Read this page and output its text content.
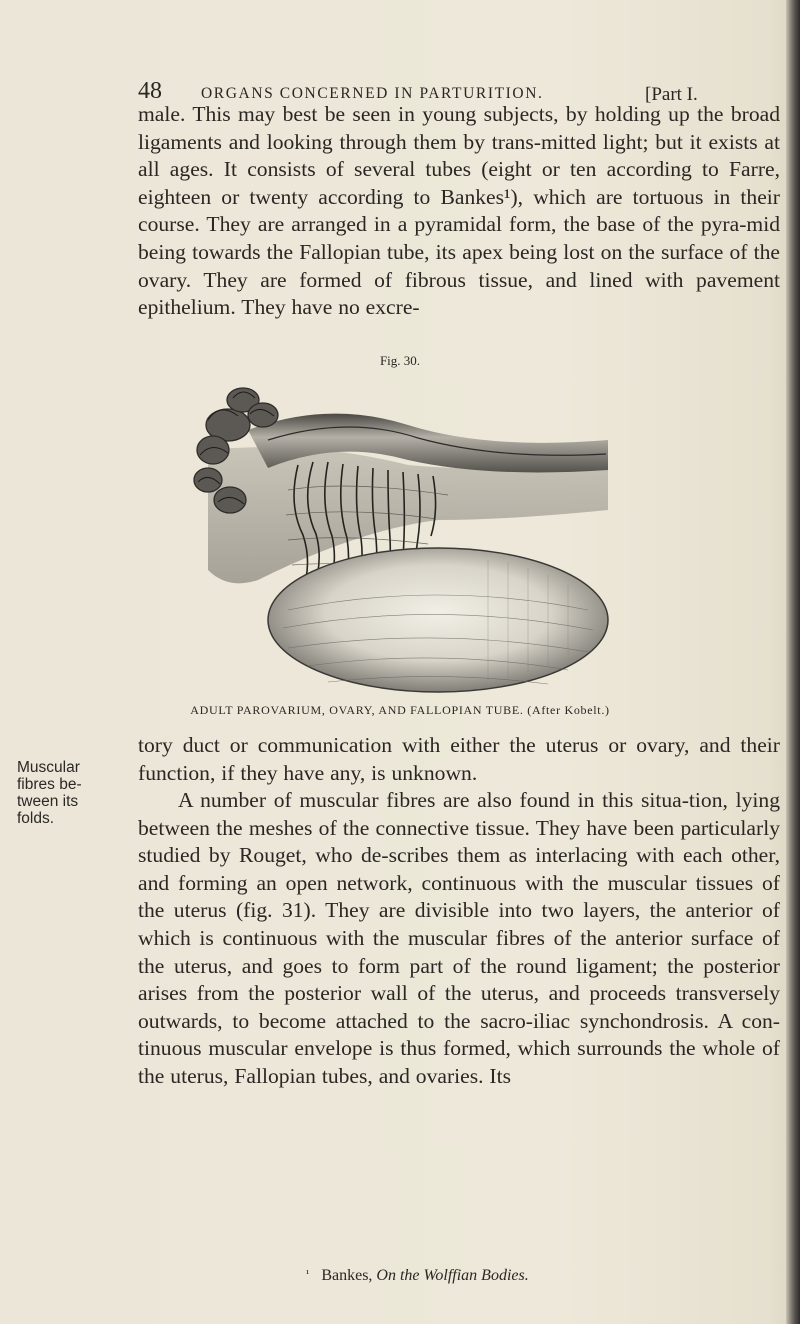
48	ORGANS CONCERNED IN PARTURITION.	[Part I.

male. This may best be seen in young subjects, by holding up the broad ligaments and looking through them by trans-mitted light; but it exists at all ages. It consists of several tubes (eight or ten according to Farre, eighteen or twenty according to Bankes¹), which are tortuous in their course. They are arranged in a pyramidal form, the base of the pyra-mid being towards the Fallopian tube, its apex being lost on the surface of the ovary. They are formed of fibrous tissue, and lined with pavement epithelium. They have no excre-

Fig. 30.
ADULT PAROVARIUM, OVARY, AND FALLOPIAN TUBE. (After Kobelt.)

tory duct or communication with either the uterus or ovary, and their function, if they have any, is unknown.

Muscular
fibres be-
tween its
folds.

A number of muscular fibres are also found in this situa-tion, lying between the meshes of the connective tissue. They have been particularly studied by Rouget, who de-scribes them as interlacing with each other, and forming an open network, continuous with the muscular tissues of the uterus (fig. 31). They are divisible into two layers, the anterior of which is continuous with the muscular fibres of the anterior surface of the uterus, and goes to form part of the round ligament; the posterior arises from the posterior wall of the uterus, and proceeds transversely outwards, to become attached to the sacro-iliac synchondrosis. A con-tinuous muscular envelope is thus formed, which surrounds the whole of the uterus, Fallopian tubes, and ovaries. Its

$^{^1}$ Bankes, On the Wolffian Bodies.
